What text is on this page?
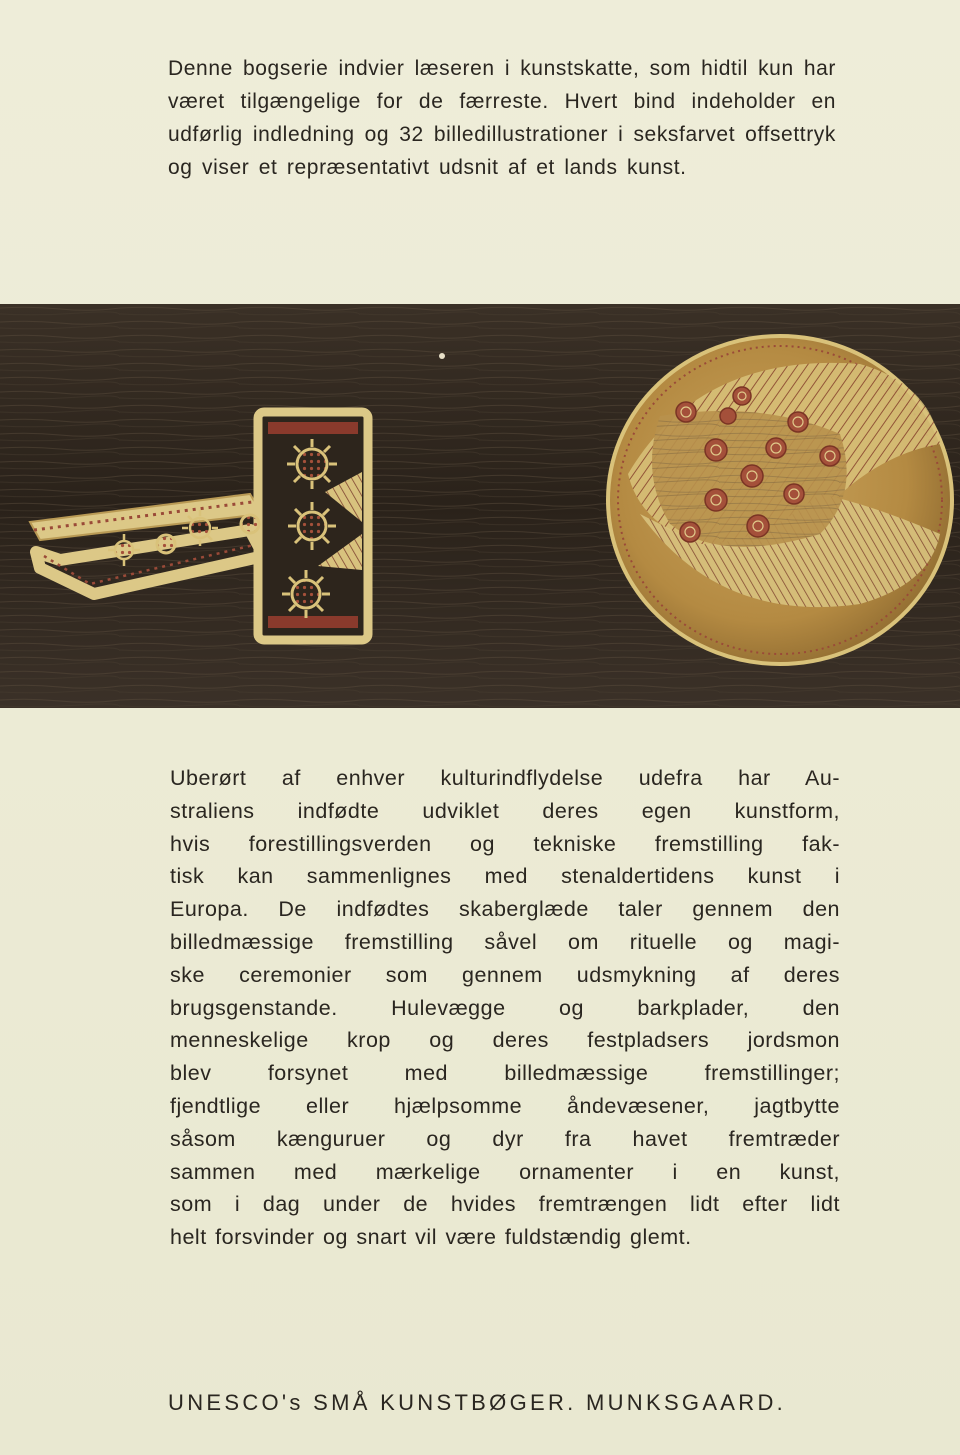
Denne bogserie indvier læseren i kunstskatte, som hidtil kun har været tilgængelige for de færreste. Hvert bind indeholder en udførlig indledning og 32 billedillustrationer i seksfarvet offsettryk og viser et repræsentativt udsnit af et lands kunst.

Uberørt af enhver kulturindflydelse udefra har Au-
straliens indfødte udviklet deres egen kunstform,
hvis forestillingsverden og tekniske fremstilling fak-
tisk kan sammenlignes med stenaldertidens kunst i
Europa. De indfødtes skaberglæde taler gennem den
billedmæssige fremstilling såvel om rituelle og magi-
ske ceremonier som gennem udsmykning af deres
brugsgenstande. Hulevægge og barkplader, den
menneskelige krop og deres festpladsers jordsmon
blev forsynet med billedmæssige fremstillinger;
fjendtlige eller hjælpsomme åndevæsener, jagtbytte
såsom kænguruer og dyr fra havet fremtræder
sammen med mærkelige ornamenter i en kunst,
som i dag under de hvides fremtrængen lidt efter lidt
helt forsvinder og snart vil være fuldstændig glemt.

UNESCO's SMÅ KUNSTBØGER. MUNKSGAARD.
